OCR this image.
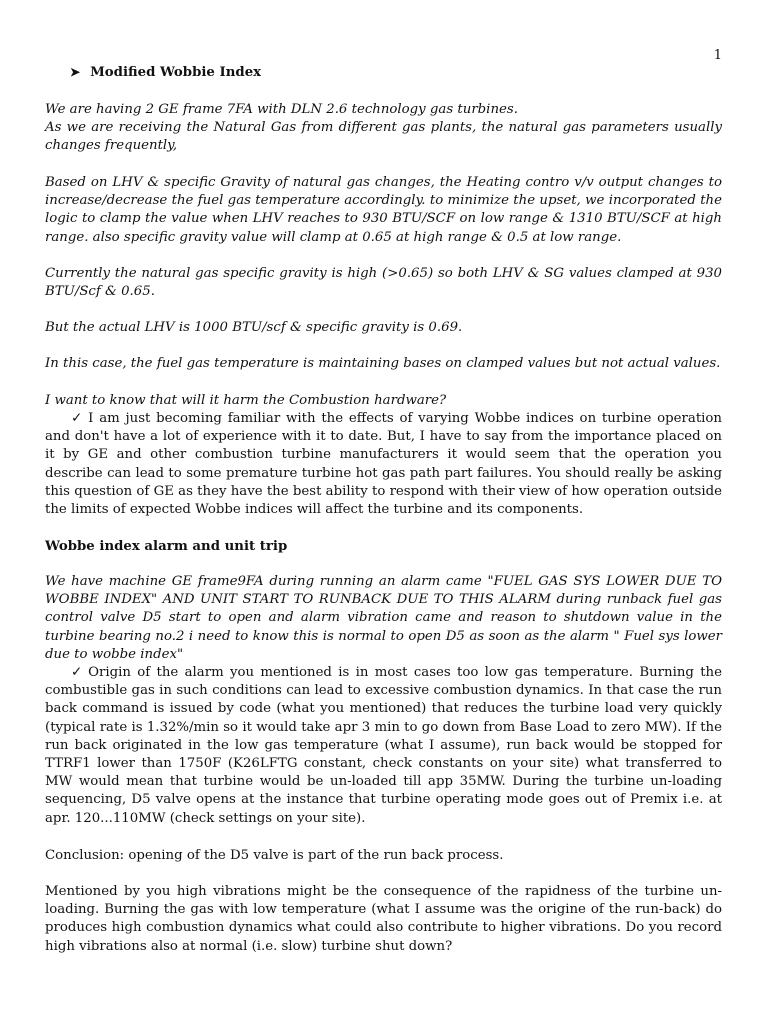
1
➤ Modified Wobbie Index

We are having 2 GE frame 7FA with DLN 2.6 technology gas turbines.

As we are receiving the Natural Gas from different gas plants, the natural gas parameters usually changes frequently,

Based on LHV & specific Gravity of natural gas changes, the Heating contro v/v output changes to increase/decrease the fuel gas temperature accordingly. to minimize the upset, we incorporated the logic to clamp the value when LHV reaches to 930 BTU/SCF on low range & 1310 BTU/SCF at high range. also specific gravity value will clamp at 0.65 at high range & 0.5 at low range.

Currently the natural gas specific gravity is high (>0.65) so both LHV & SG values clamped at 930 BTU/Scf & 0.65.

But the actual LHV is 1000 BTU/scf & specific gravity is 0.69.

In this case, the fuel gas temperature is maintaining bases on clamped values but not actual values.

I want to know that will it harm the Combustion hardware?

✓ I am just becoming familiar with the effects of varying Wobbe indices on turbine operation and don't have a lot of experience with it to date. But, I have to say from the importance placed on it by GE and other combustion turbine manufacturers it would seem that the operation you describe can lead to some premature turbine hot gas path part failures. You should really be asking this question of GE as they have the best ability to respond with their view of how operation outside the limits of expected Wobbe indices will affect the turbine and its components.

Wobbe index alarm and unit trip

We have machine GE frame9FA during running an alarm came "FUEL GAS SYS LOWER DUE TO WOBBE INDEX" AND UNIT START TO RUNBACK DUE TO THIS ALARM during runback fuel gas control valve D5 start to open and alarm vibration came and reason to shutdown value in the turbine bearing no.2 i need to know this is normal to open D5 as soon as the alarm " Fuel sys lower due to wobbe index"

✓ Origin of the alarm you mentioned is in most cases too low gas temperature. Burning the combustible gas in such conditions can lead to excessive combustion dynamics. In that case the run back command is issued by code (what you mentioned) that reduces the turbine load very quickly (typical rate is 1.32%/min so it would take apr 3 min to go down from Base Load to zero MW). If the run back originated in the low gas temperature (what I assume), run back would be stopped for TTRF1 lower than 1750F (K26LFTG constant, check constants on your site) what transferred to MW would mean that turbine would be un-loaded till app 35MW. During the turbine un-loading sequencing, D5 valve opens at the instance that turbine operating mode goes out of Premix i.e. at apr. 120...110MW (check settings on your site).

Conclusion: opening of the D5 valve is part of the run back process.

Mentioned by you high vibrations might be the consequence of the rapidness of the turbine un-loading. Burning the gas with low temperature (what I assume was the origine of the run-back) do produces high combustion dynamics what could also contribute to higher vibrations. Do you record high vibrations also at normal (i.e. slow) turbine shut down?
